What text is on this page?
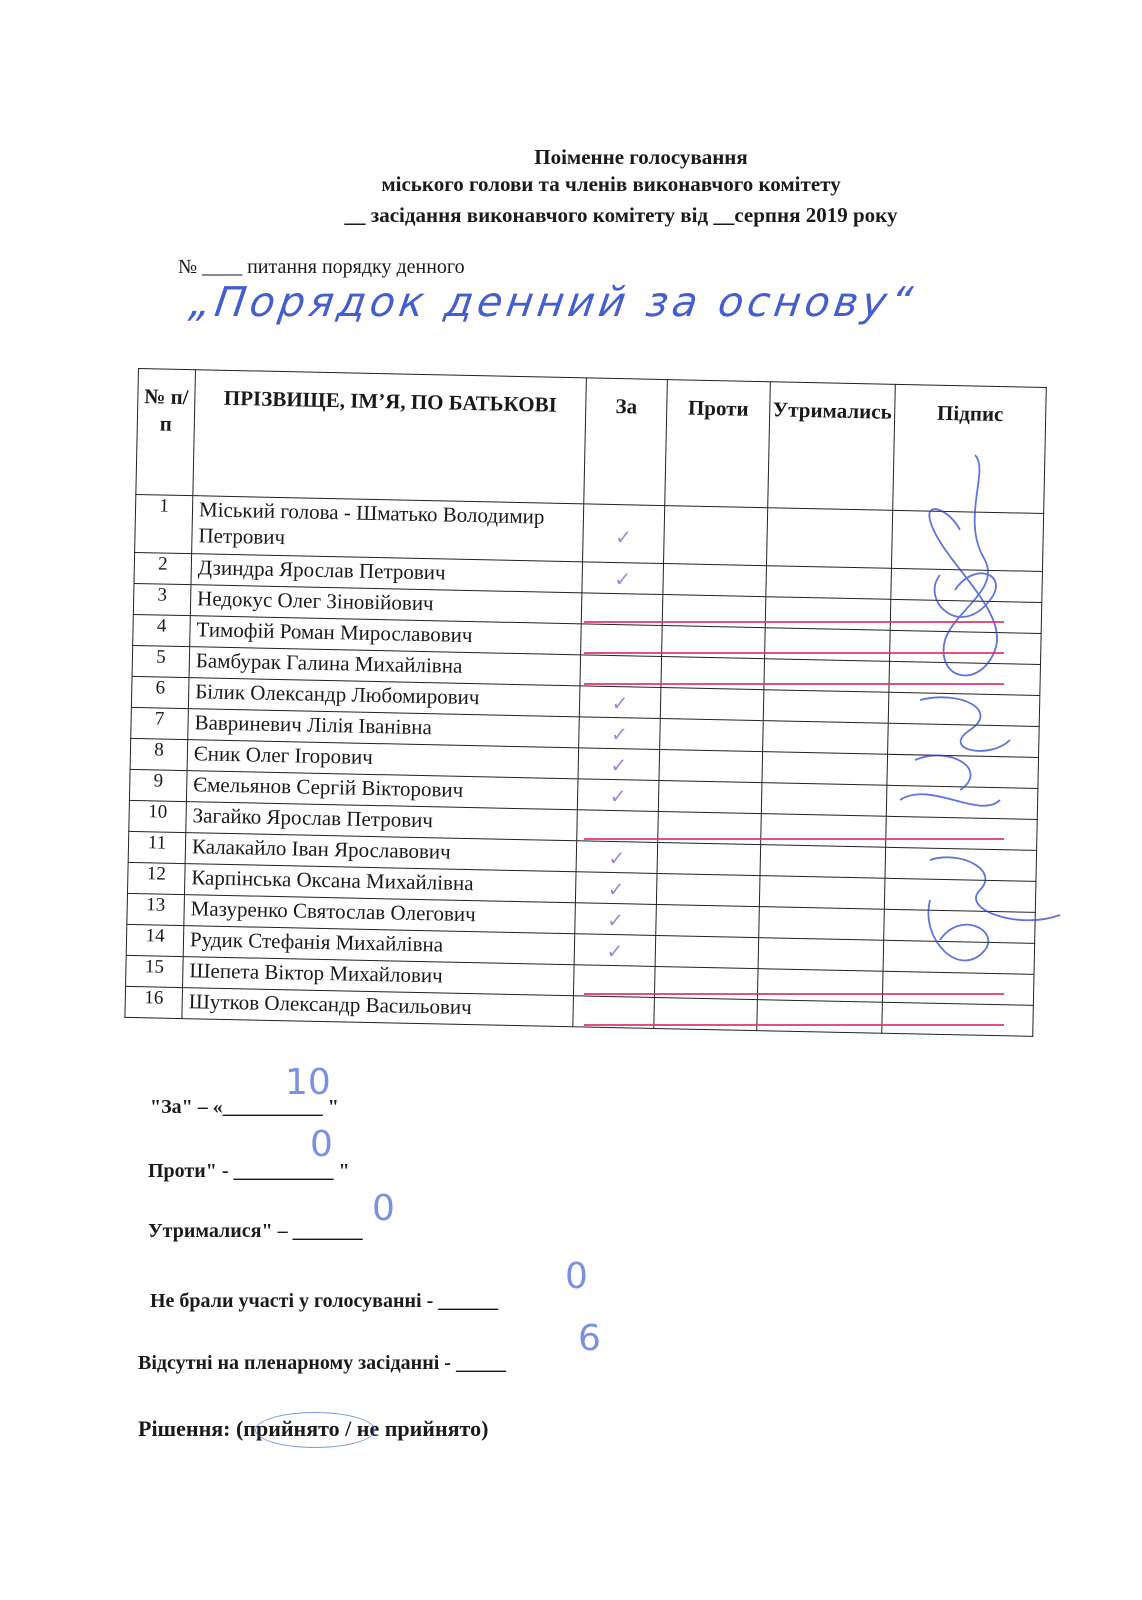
Поіменне голосування
міського голови та членів виконавчого комітету
__ засідання виконавчого комітету від __серпня 2019 року
№ ____ питання порядку денного
„Порядок денний за основу“
№ п/п	ПРІЗВИЩЕ, ІМ’Я, ПО БАТЬКОВІ	За	Проти	Утримались	Підпис
1	Міський голова - Шматько Володимир Петрович	✓			

2	Дзиндра Ярослав Петрович	✓			

3	Недокус Олег Зіновійович	

4	Тимофій Роман Мирославович	

5	Бамбурак Галина Михайлівна	

6	Білик Олександр Любомирович	✓			

7	Вавриневич Лілія Іванівна	✓			

8	Єник Олег Ігорович	✓			

9	Ємельянов Сергій Вікторович	✓			

10	Загайко Ярослав Петрович	

11	Калакайло Іван Ярославович	✓			

12	Карпінська Оксана Михайлівна	✓			

13	Мазуренко Святослав Олегович	✓			

14	Рудик Стефанія Михайлівна	✓			

15	Шепета Віктор Михайлович	

16	Шутков Олександр Васильович	

"За" – «__________ "
10
Проти" - __________ "
0
Утрималися" – _______
0
Не брали участі у голосуванні - ______
0
Відсутні на пленарному засіданні - _____
6
Рішення: (прийнято / не прийнято)
